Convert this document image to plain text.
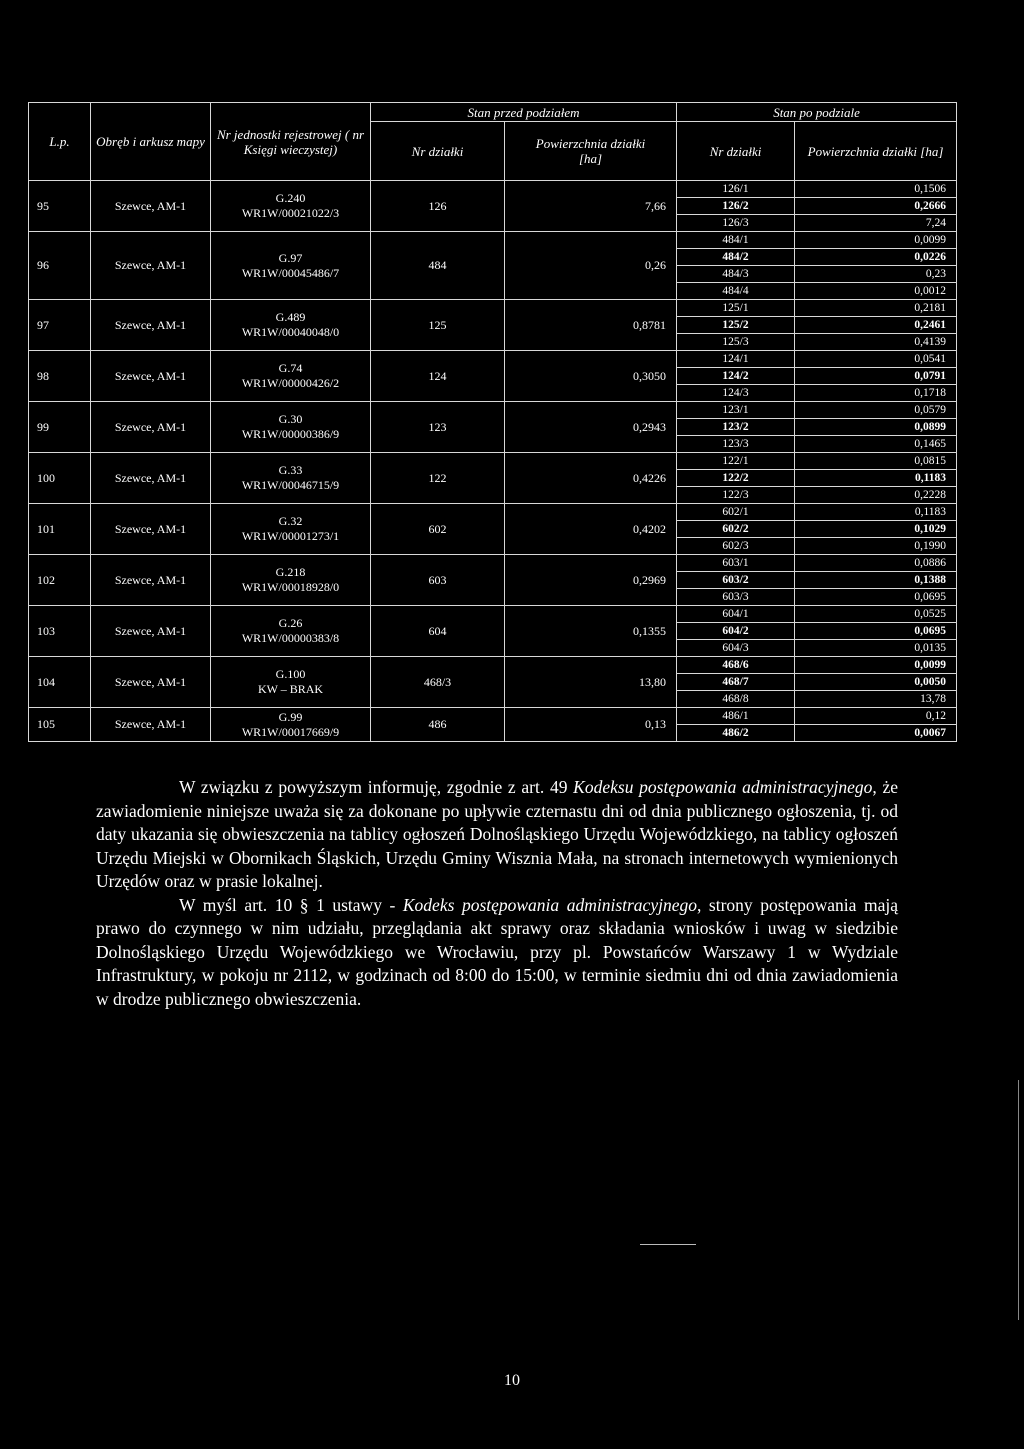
L.p.	Obręb i arkusz mapy	Nr jednostki rejestrowej ( nr Księgi wieczystej)	Stan przed podziałem		Stan po podziale	
			Nr działki	Powierzchnia działki [ha]	Nr działki	Powierzchnia działki [ha]
95	Szewce, AM-1	G.240
WR1W/00021022/3	126	7,66	126/1	0,1506
					126/2	0,2666
					126/3	7,24
96	Szewce, AM-1	G.97
WR1W/00045486/7	484	0,26	484/1	0,0099
					484/2	0,0226
					484/3	0,23
					484/4	0,0012
97	Szewce, AM-1	G.489
WR1W/00040048/0	125	0,8781	125/1	0,2181
					125/2	0,2461
					125/3	0,4139
98	Szewce, AM-1	G.74
WR1W/00000426/2	124	0,3050	124/1	0,0541
					124/2	0,0791
					124/3	0,1718
99	Szewce, AM-1	G.30
WR1W/00000386/9	123	0,2943	123/1	0,0579
					123/2	0,0899
					123/3	0,1465
100	Szewce, AM-1	G.33
WR1W/00046715/9	122	0,4226	122/1	0,0815
					122/2	0,1183
					122/3	0,2228
101	Szewce, AM-1	G.32
WR1W/00001273/1	602	0,4202	602/1	0,1183
					602/2	0,1029
					602/3	0,1990
102	Szewce, AM-1	G.218
WR1W/00018928/0	603	0,2969	603/1	0,0886
					603/2	0,1388
					603/3	0,0695
103	Szewce, AM-1	G.26
WR1W/00000383/8	604	0,1355	604/1	0,0525
					604/2	0,0695
					604/3	0,0135
104	Szewce, AM-1	G.100
KW – BRAK	468/3	13,80	468/6	0,0099
					468/7	0,0050
					468/8	13,78
105	Szewce, AM-1	G.99
WR1W/00017669/9	486	0,13	486/1	0,12
					486/2	0,0067

W związku z powyższym informuję, zgodnie z art. 49 Kodeksu postępowania administracyjnego, że zawiadomienie niniejsze uważa się za dokonane po upływie czternastu dni od dnia publicznego ogłoszenia, tj. od daty ukazania się obwieszczenia na tablicy ogłoszeń Dolnośląskiego Urzędu Wojewódzkiego, na tablicy ogłoszeń Urzędu Miejski w Obornikach Śląskich, Urzędu Gminy Wisznia Mała, na stronach internetowych wymienionych Urzędów oraz w prasie lokalnej.

W myśl art. 10 § 1 ustawy - Kodeks postępowania administracyjnego, strony postępowania mają prawo do czynnego w nim udziału, przeglądania akt sprawy oraz składania wniosków i uwag w siedzibie Dolnośląskiego Urzędu Wojewódzkiego we Wrocławiu, przy pl. Powstańców Warszawy 1 w Wydziale Infrastruktury, w pokoju nr 2112, w godzinach od 8:00 do 15:00, w terminie siedmiu dni od dnia zawiadomienia w drodze publicznego obwieszczenia.

10
